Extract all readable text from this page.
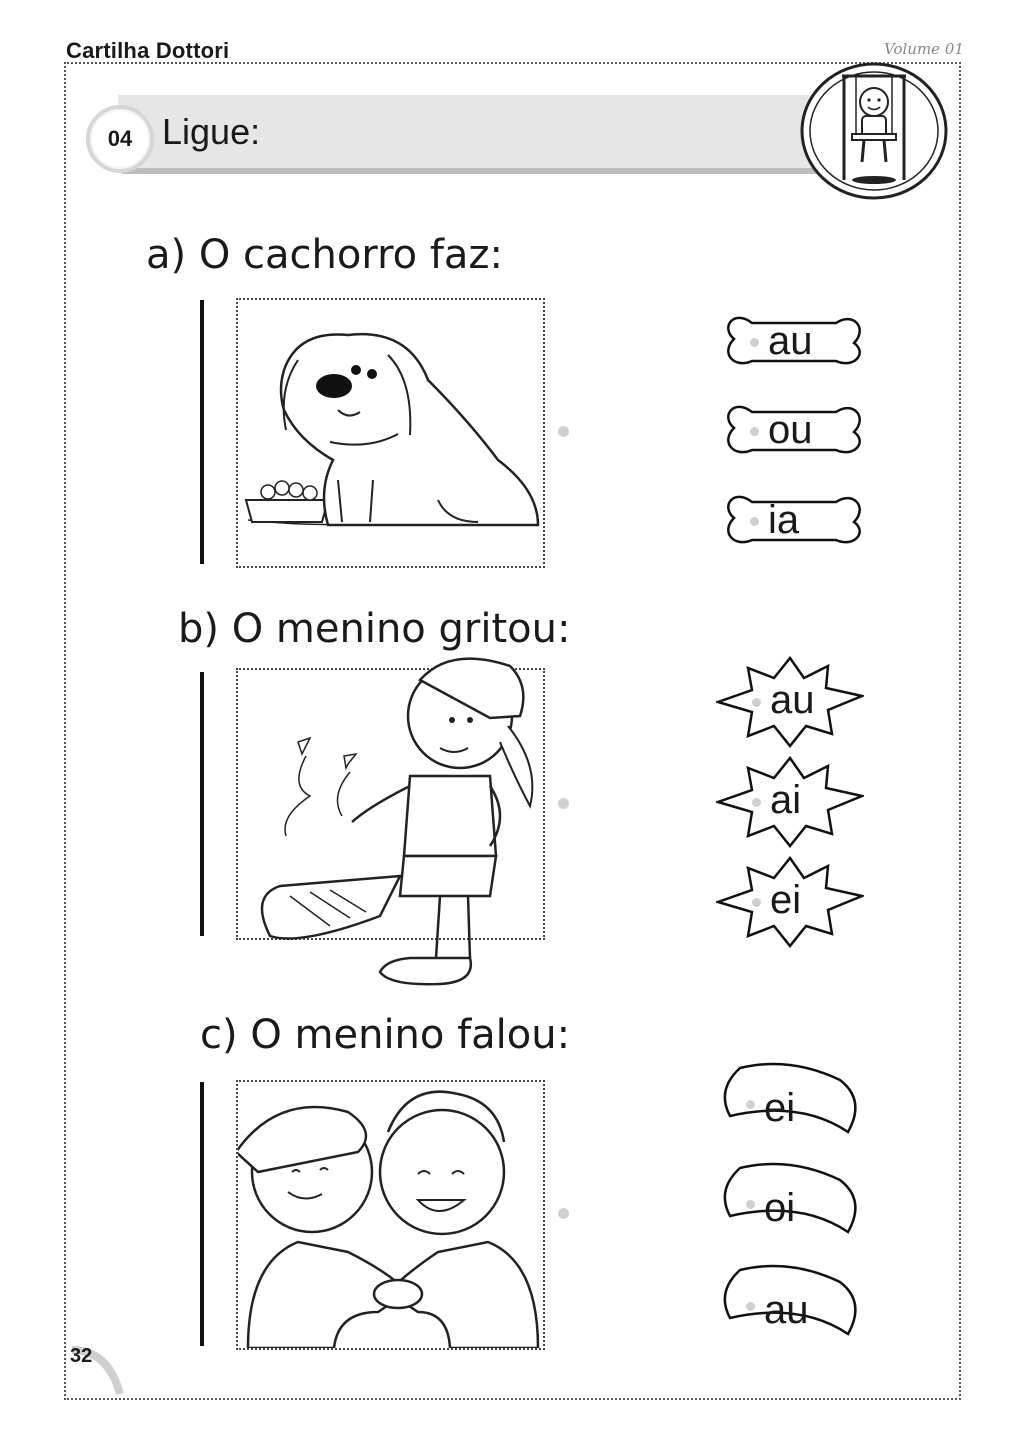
Cartilha Dottori	Volume 01
04 Ligue:
a) O cachorro faz:
au
ou
ia
b) O menino gritou:
au
ai
ei
c) O menino falou:
ei
oi
au
32
